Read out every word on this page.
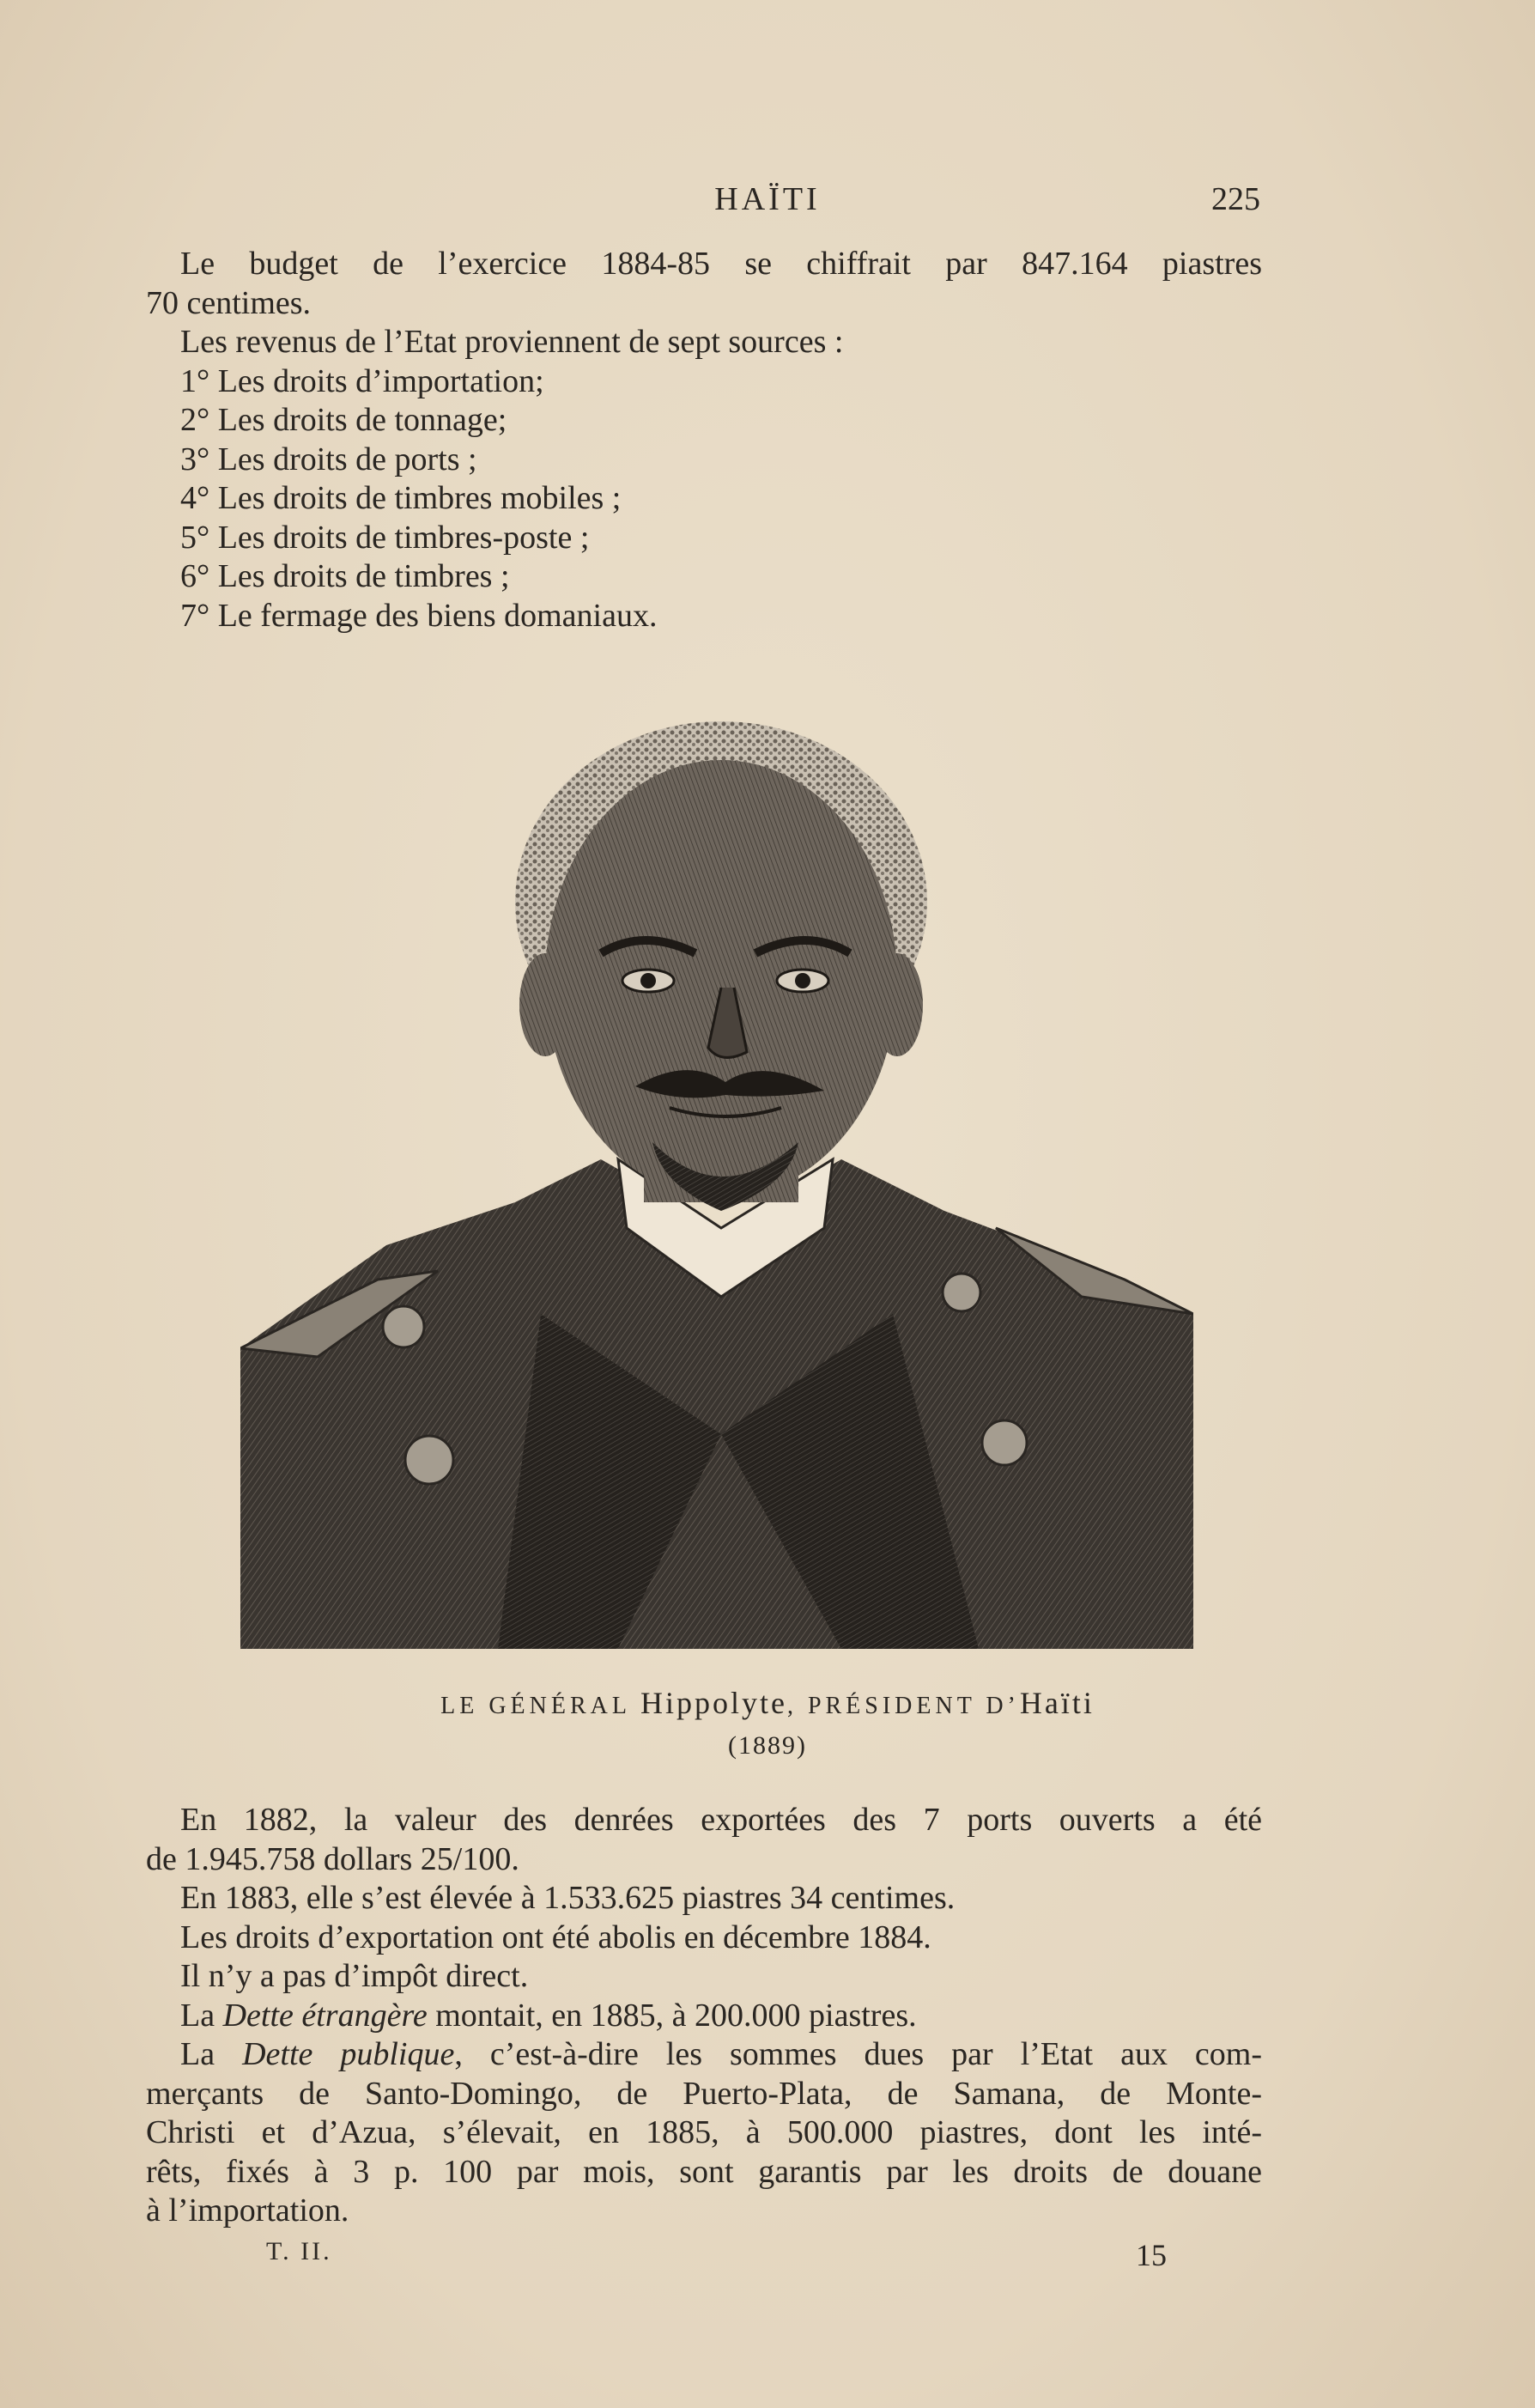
HAÏTI	225

Le budget de l’exercice 1884-85 se chiffrait par 847.164 piastres

70 centimes.

Les revenus de l’Etat proviennent de sept sources :

1° Les droits d’importation;
2° Les droits de tonnage;
3° Les droits de ports ;
4° Les droits de timbres mobiles ;
5° Les droits de timbres-poste ;
6° Les droits de timbres ;
7° Le fermage des biens domaniaux.
LE GÉNÉRAL Hippolyte, PRÉSIDENT D’Haïti
(1889)

En 1882, la valeur des denrées exportées des 7 ports ouverts a été

de 1.945.758 dollars 25/100.

En 1883, elle s’est élevée à 1.533.625 piastres 34 centimes.

Les droits d’exportation ont été abolis en décembre 1884.

Il n’y a pas d’impôt direct.

La Dette étrangère montait, en 1885, à 200.000 piastres.

La Dette publique, c’est-à-dire les sommes dues par l’Etat aux com-

merçants de Santo-Domingo, de Puerto-Plata, de Samana, de Monte-

Christi et d’Azua, s’élevait, en 1885, à 500.000 piastres, dont les inté-

rêts, fixés à 3 p. 100 par mois, sont garantis par les droits de douane

à l’importation.

T. II.	15
